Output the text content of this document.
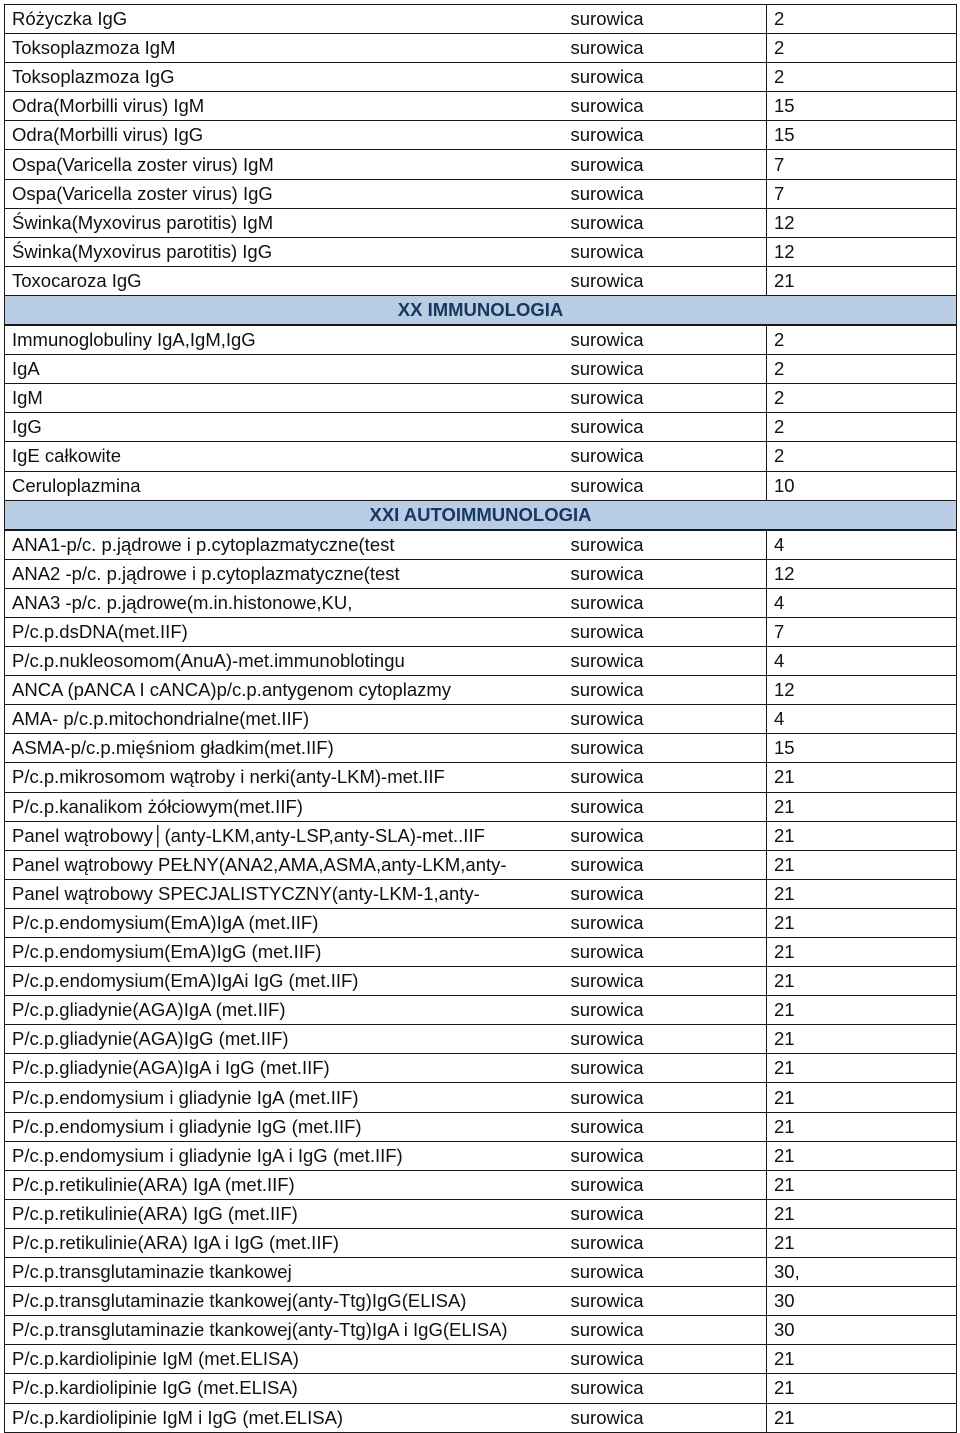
Różyczka IgG	surowica	2
Toksoplazmoza IgM	surowica	2
Toksoplazmoza IgG	surowica	2
Odra(Morbilli virus) IgM	surowica	15
Odra(Morbilli virus) IgG	surowica	15
Ospa(Varicella zoster virus) IgM	surowica	7
Ospa(Varicella zoster virus) IgG	surowica	7
Świnka(Myxovirus parotitis) IgM	surowica	12
Świnka(Myxovirus parotitis) IgG	surowica	12
Toxocaroza IgG	surowica	21
XX IMMUNOLOGIA		
Immunoglobuliny IgA,IgM,IgG	surowica	2
IgA	surowica	2
IgM	surowica	2
IgG	surowica	2
IgE całkowite	surowica	2
Ceruloplazmina	surowica	10
XXI AUTOIMMUNOLOGIA		
ANA1-p/c. p.jądrowe i p.cytoplazmatyczne(test	surowica	4
ANA2 -p/c. p.jądrowe i p.cytoplazmatyczne(test	surowica	12
ANA3 -p/c. p.jądrowe(m.in.histonowe,KU,	surowica	4
P/c.p.dsDNA(met.IIF)	surowica	7
P/c.p.nukleosomom(AnuA)-met.immunoblotingu	surowica	4
ANCA (pANCA I cANCA)p/c.p.antygenom cytoplazmy	surowica	12
AMA- p/c.p.mitochondrialne(met.IIF)	surowica	4
ASMA-p/c.p.mięśniom gładkim(met.IIF)	surowica	15
P/c.p.mikrosomom wątroby i nerki(anty-LKM)-met.IIF	surowica	21
P/c.p.kanalikom żółciowym(met.IIF)	surowica	21
Panel wątrobowy│(anty-LKM,anty-LSP,anty-SLA)-met..IIF	surowica	21
Panel wątrobowy PEŁNY(ANA2,AMA,ASMA,anty-LKM,anty-	surowica	21
Panel wątrobowy SPECJALISTYCZNY(anty-LKM-1,anty-	surowica	21
P/c.p.endomysium(EmA)IgA (met.IIF)	surowica	21
P/c.p.endomysium(EmA)IgG (met.IIF)	surowica	21
P/c.p.endomysium(EmA)IgAi IgG (met.IIF)	surowica	21
P/c.p.gliadynie(AGA)IgA (met.IIF)	surowica	21
P/c.p.gliadynie(AGA)IgG (met.IIF)	surowica	21
P/c.p.gliadynie(AGA)IgA i IgG (met.IIF)	surowica	21
P/c.p.endomysium i gliadynie IgA (met.IIF)	surowica	21
P/c.p.endomysium i gliadynie IgG (met.IIF)	surowica	21
P/c.p.endomysium i gliadynie IgA i IgG (met.IIF)	surowica	21
P/c.p.retikulinie(ARA) IgA (met.IIF)	surowica	21
P/c.p.retikulinie(ARA) IgG (met.IIF)	surowica	21
P/c.p.retikulinie(ARA) IgA i IgG (met.IIF)	surowica	21
P/c.p.transglutaminazie tkankowej	surowica	30,
P/c.p.transglutaminazie tkankowej(anty-Ttg)IgG(ELISA)	surowica	30
P/c.p.transglutaminazie tkankowej(anty-Ttg)IgA i IgG(ELISA)	surowica	30
P/c.p.kardiolipinie IgM (met.ELISA)	surowica	21
P/c.p.kardiolipinie IgG (met.ELISA)	surowica	21
P/c.p.kardiolipinie IgM i IgG (met.ELISA)	surowica	21
